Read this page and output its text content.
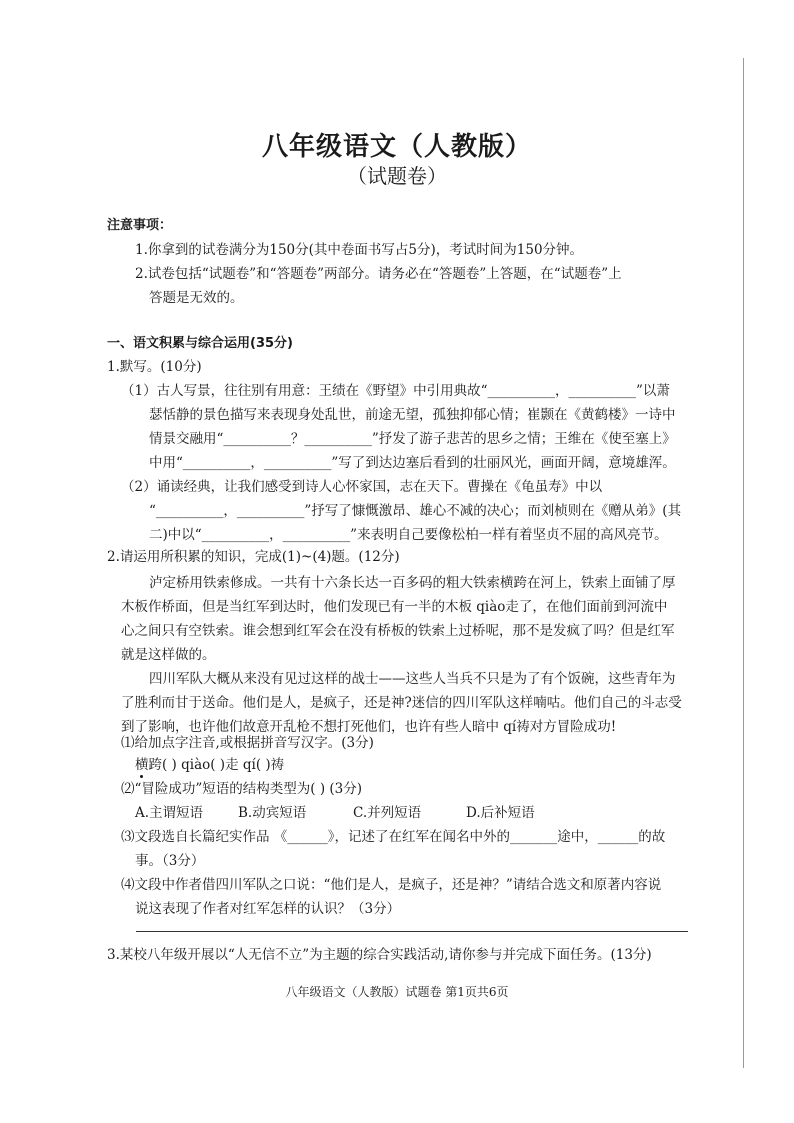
八年级语文（人教版）
（试题卷）
注意事项：
1.你拿到的试卷满分为150分(其中卷面书写占5分)，考试时间为150分钟。
2.试卷包括“试题卷”和“答题卷”两部分。请务必在“答题卷”上答题，在“试题卷”上
答题是无效的。
一、语文积累与综合运用(35分)
1.默写。(10分)
（1）古人写景，往往别有用意：王绩在《野望》中引用典故“__________，__________”以萧
瑟恬静的景色描写来表现身处乱世，前途无望，孤独抑郁心情；崔颢在《黄鹤楼》一诗中
情景交融用“__________？__________”抒发了游子悲苦的思乡之情；王维在《使至塞上》
中用“__________，__________”写了到达边塞后看到的壮丽风光，画面开阔，意境雄浑。
（2）诵读经典，让我们感受到诗人心怀家国，志在天下。曹操在《龟虽寿》中以
“__________，__________”抒写了慷慨激昂、雄心不减的决心；而刘桢则在《赠从弟》(其
二)中以“__________，__________”来表明自己要像松柏一样有着坚贞不屈的高风亮节。
2.请运用所积累的知识，完成(1)~(4)题。(12分)
泸定桥用铁索修成。一共有十六条长达一百多码的粗大铁索横跨在河上，铁索上面铺了厚
木板作桥面，但是当红军到达时，他们发现已有一半的木板 qiào走了，在他们面前到河流中
心之间只有空铁索。谁会想到红军会在没有桥板的铁索上过桥呢，那不是发疯了吗？但是红军
就是这样做的。
四川军队大概从来没有见过这样的战士——这些人当兵不只是为了有个饭碗，这些青年为
了胜利而甘于送命。他们是人，是疯子，还是神?迷信的四川军队这样喃咕。他们自己的斗志受
到了影响，也许他们故意开乱枪不想打死他们，也许有些人暗中 qí祷对方冒险成功!
⑴给加点字注音,或根据拼音写汉字。(3分)
横跨( ) qiào( )走 qí( )祷
⑵“冒险成功”短语的结构类型为( ) (3分)
A.主谓短语	B.动宾短语	C.并列短语	D.后补短语
⑶文段选自长篇纪实作品 《______》，记述了在红军在闻名中外的_______途中，______的故
事。（3分）
⑷文段中作者借四川军队之口说：“他们是人，是疯子，还是神？”请结合选文和原著内容说
说这表现了作者对红军怎样的认识？（3分）
3.某校八年级开展以“人无信不立”为主题的综合实践活动,请你参与并完成下面任务。(13分)
八年级语文（人教版）试题卷 第1页共6页
